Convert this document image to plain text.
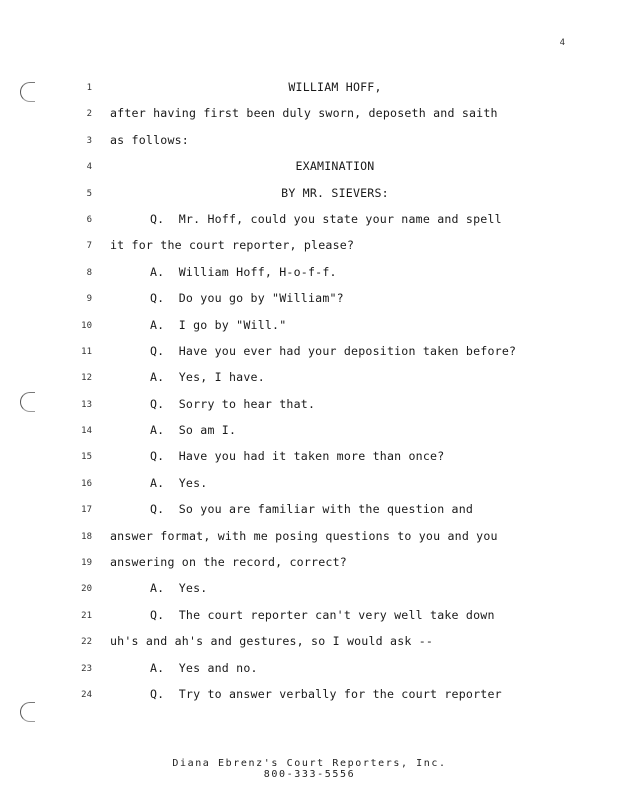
4
1	WILLIAM HOFF,
2 after having first been duly sworn, deposeth and saith
3 as follows:
4	EXAMINATION
5	BY MR. SIEVERS:
6	Q.  Mr. Hoff, could you state your name and spell
7 it for the court reporter, please?
8	A.  William Hoff, H-o-f-f.
9	Q.  Do you go by "William"?
10	A.  I go by "Will."
11	Q.  Have you ever had your deposition taken before?
12	A.  Yes, I have.
13	Q.  Sorry to hear that.
14	A.  So am I.
15	Q.  Have you had it taken more than once?
16	A.  Yes.
17	Q.  So you are familiar with the question and
18 answer format, with me posing questions to you and you
19 answering on the record, correct?
20	A.  Yes.
21	Q.  The court reporter can't very well take down
22 uh's and ah's and gestures, so I would ask --
23	A.  Yes and no.
24	Q.  Try to answer verbally for the court reporter
Diana Ebrenz's Court Reporters, Inc.
800-333-5556
